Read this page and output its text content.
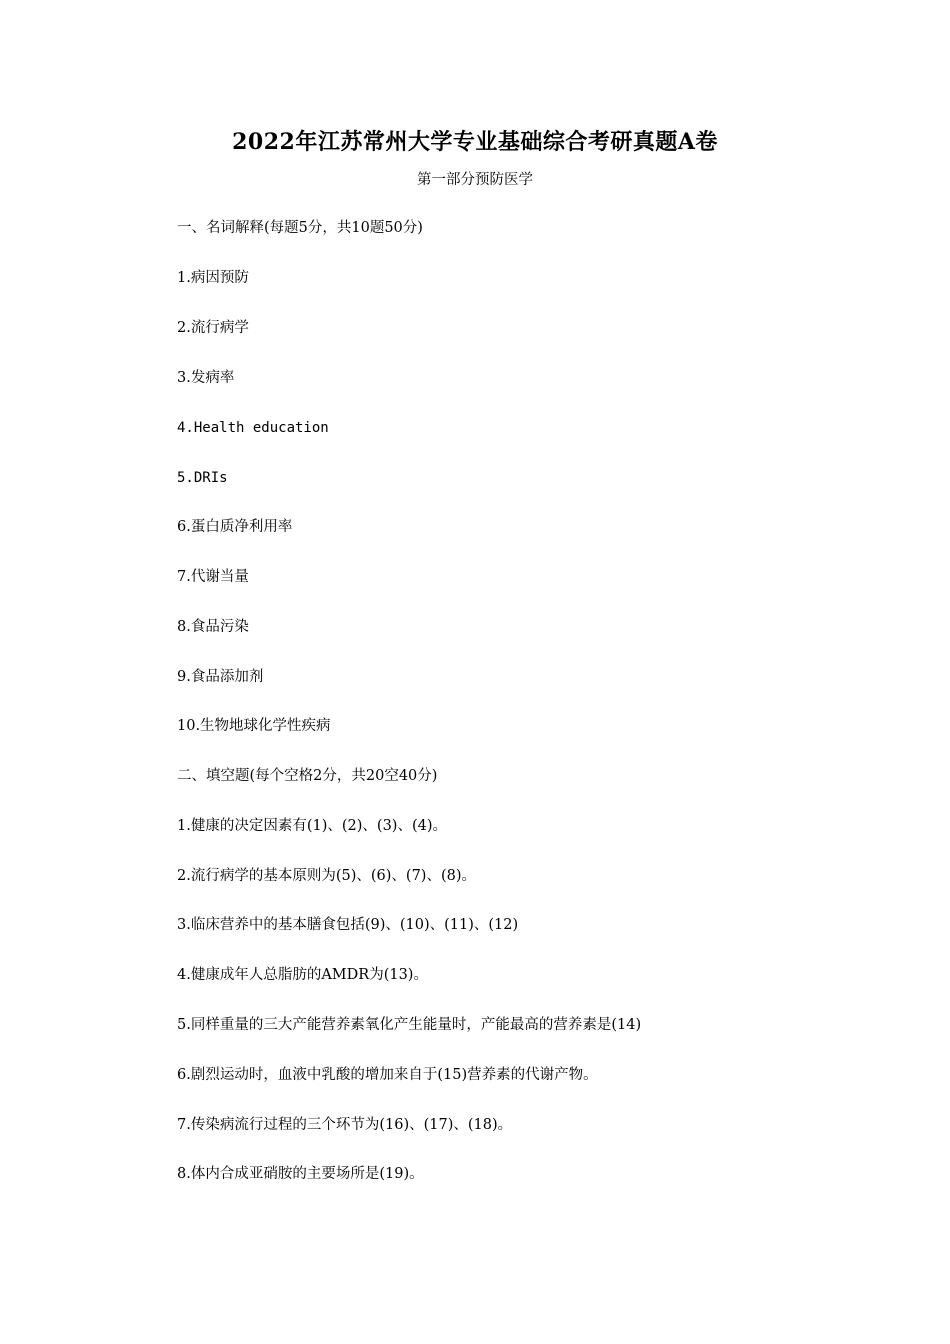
2022年江苏常州大学专业基础综合考研真题A卷
第一部分预防医学
一、名词解释(每题5分，共10题50分)
1.病因预防
2.流行病学
3.发病率
4.Health education
5.DRIs
6.蛋白质净利用率
7.代谢当量
8.食品污染
9.食品添加剂
10.生物地球化学性疾病
二、填空题(每个空格2分，共20空40分)
1.健康的决定因素有(1)、(2)、(3)、(4)。
2.流行病学的基本原则为(5)、(6)、(7)、(8)。
3.临床营养中的基本膳食包括(9)、(10)、(11)、(12)
4.健康成年人总脂肪的AMDR为(13)。
5.同样重量的三大产能营养素氧化产生能量时，产能最高的营养素是(14)
6.剧烈运动时，血液中乳酸的增加来自于(15)营养素的代谢产物。
7.传染病流行过程的三个环节为(16)、(17)、(18)。
8.体内合成亚硝胺的主要场所是(19)。
